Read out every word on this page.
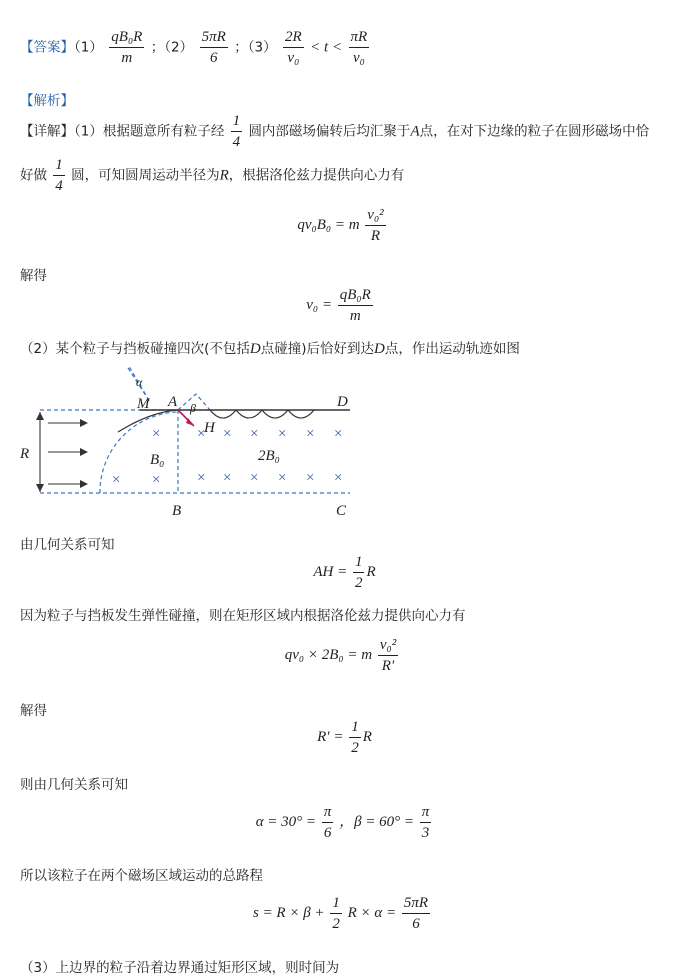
【答案】$(1) \frac{\text{qB₀R}}{m}$ ；$(2) \frac{5\pi R}{6}$ ；$(3) \frac{2R}{\text{v₀}} < t < \frac{\pi R}{\text{v₀}}$
【解析】
【详解】（1）根据题意所有粒子经 $\frac{1}{4}$ 圆内部磁场偏转后均汇聚于A点，在对下边缘的粒子在圆形磁场中恰
好做 $\frac{1}{4}$ 圆，可知圆周运动半径为R，根据洛伦兹力提供向心力有
qv₀B₀ = m $\frac{\text{v₀²}}{R}$
解得
$v_0 = \frac{\text{qB₀R}}{m}$
（2）某个粒子与挡板碰撞四次(不包括D点碰撞)后恰好到达D点，作出运动轨迹如图
× × × × × × ×
× × × × × × × ×
α
M A β	D
H
R	B₀	2B₀
B	C
由几何关系可知
AH = $\frac{1}{2}$ R
因为粒子与挡板发生弹性碰撞，则在矩形区域内根据洛伦兹力提供向心力有
qv₀ × 2B₀ = m $\frac{\text{v₀²}}{R'}$
解得
$R' = \frac{1}{2}$ R
则由几何关系可知
$\alpha = 30^\circ = \frac{\pi}{6}$ ，$\beta = 60^\circ = \frac{\pi}{3}$
所以该粒子在两个磁场区域运动的总路程
$s = R \times \beta + \frac{1}{2}$ $R \times \alpha = \frac{5\pi R}{6}$
（3）上边界的粒子沿着边界通过矩形区域，则时间为
